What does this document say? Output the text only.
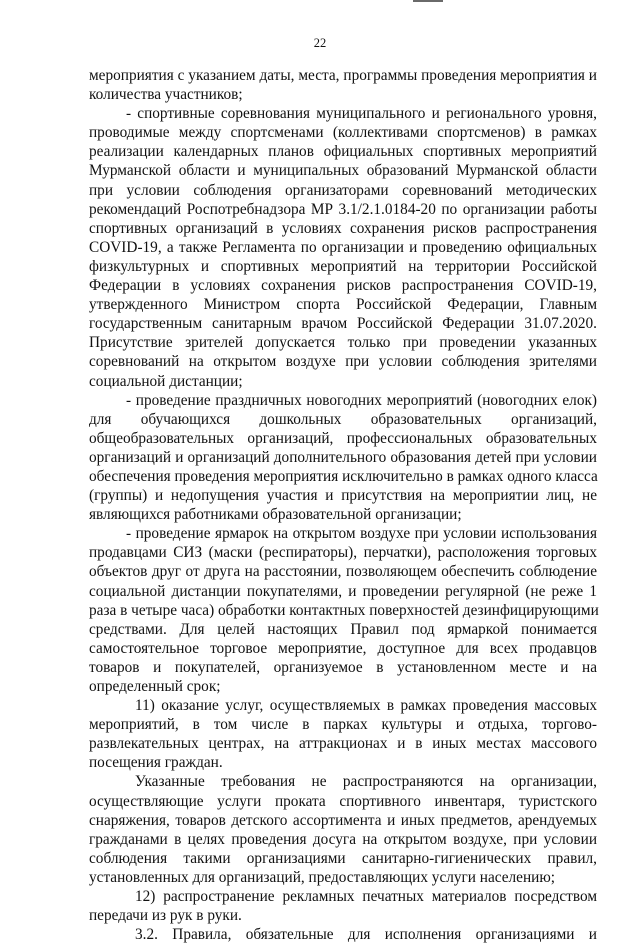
22
мероприятия с указанием даты, места, программы проведения мероприятия и
количества участников;
- спортивные соревнования муниципального и регионального уровня,
проводимые между спортсменами (коллективами спортсменов) в рамках
реализации календарных планов официальных спортивных мероприятий
Мурманской области и муниципальных образований Мурманской области
при условии соблюдения организаторами соревнований методических
рекомендаций Роспотребнадзора МР 3.1/2.1.0184-20 по организации работы
спортивных организаций в условиях сохранения рисков распространения
COVID-19, а также Регламента по организации и проведению официальных
физкультурных и спортивных мероприятий на территории Российской
Федерации в условиях сохранения рисков распространения COVID-19,
утвержденного Министром спорта Российской Федерации, Главным
государственным санитарным врачом Российской Федерации 31.07.2020.
Присутствие зрителей допускается только при проведении указанных
соревнований на открытом воздухе при условии соблюдения зрителями
социальной дистанции;
- проведение праздничных новогодних мероприятий (новогодних елок)
для обучающихся дошкольных образовательных организаций,
общеобразовательных организаций, профессиональных образовательных
организаций и организаций дополнительного образования детей при условии
обеспечения проведения мероприятия исключительно в рамках одного класса
(группы) и недопущения участия и присутствия на мероприятии лиц, не
являющихся работниками образовательной организации;
- проведение ярмарок на открытом воздухе при условии использования
продавцами СИЗ (маски (респираторы), перчатки), расположения торговых
объектов друг от друга на расстоянии, позволяющем обеспечить соблюдение
социальной дистанции покупателями, и проведении регулярной (не реже 1
раза в четыре часа) обработки контактных поверхностей дезинфицирующими
средствами. Для целей настоящих Правил под ярмаркой понимается
самостоятельное торговое мероприятие, доступное для всех продавцов
товаров и покупателей, организуемое в установленном месте и на
определенный срок;
11) оказание услуг, осуществляемых в рамках проведения массовых
мероприятий, в том числе в парках культуры и отдыха, торгово-
развлекательных центрах, на аттракционах и в иных местах массового
посещения граждан.
Указанные требования не распространяются на организации,
осуществляющие услуги проката спортивного инвентаря, туристского
снаряжения, товаров детского ассортимента и иных предметов, арендуемых
гражданами в целях проведения досуга на открытом воздухе, при условии
соблюдения такими организациями санитарно-гигиенических правил,
установленных для организаций, предоставляющих услуги населению;
12) распространение рекламных печатных материалов посредством
передачи из рук в руки.
3.2. Правила, обязательные для исполнения организациями и
